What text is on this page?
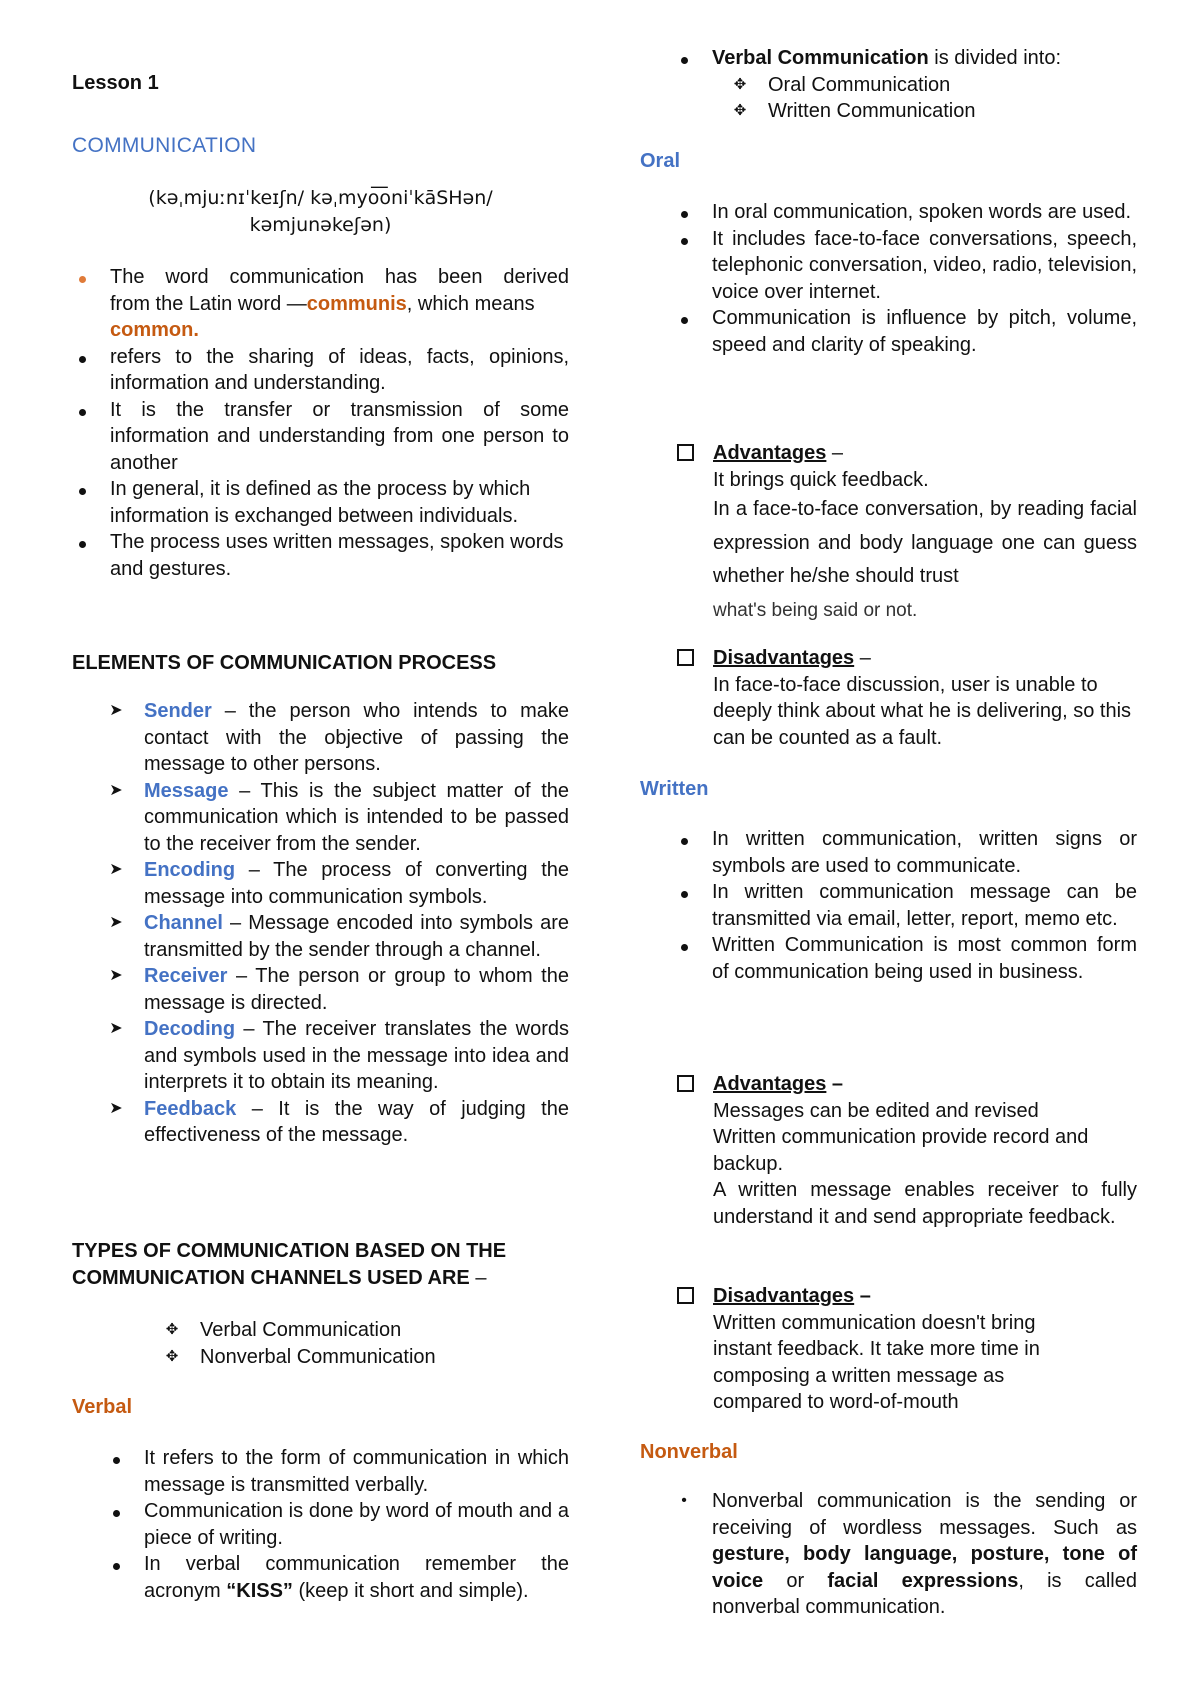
Lesson 1
COMMUNICATION
(kəˌmjuːnɪˈkeɪʃn/ kəˌmyo͞oniˈkāSHən/
kəmjunəkeʃən)
The word communication has been derived
from the Latin word —communis, which means
common.
refers to the sharing of ideas, facts, opinions, information and understanding.
It is the transfer or transmission of some information and understanding from one person to another
In general, it is defined as the process by which information is exchanged between individuals.
The process uses written messages, spoken words and gestures.
ELEMENTS OF COMMUNICATION PROCESS
➤ Sender – the person who intends to make contact with the objective of passing the message to other persons.
➤ Message – This is the subject matter of the communication which is intended to be passed to the receiver from the sender.
➤ Encoding – The process of converting the message into communication symbols.
➤ Channel – Message encoded into symbols are transmitted by the sender through a channel.
➤ Receiver – The person or group to whom the message is directed.
➤ Decoding – The receiver translates the words and symbols used in the message into idea and interprets it to obtain its meaning.
➤ Feedback – It is the way of judging the effectiveness of the message.
TYPES OF COMMUNICATION BASED ON THE
COMMUNICATION CHANNELS USED ARE –
✥ Verbal Communication
✥ Nonverbal Communication
Verbal
It refers to the form of communication in which message is transmitted verbally.
Communication is done by word of mouth and a piece of writing.
In verbal communication remember the acronym “KISS” (keep it short and simple).
Verbal Communication is divided into:
✥ Oral Communication
✥ Written Communication
Oral
In oral communication, spoken words are used.
It includes face-to-face conversations, speech, telephonic conversation, video, radio, television, voice over internet.
Communication is influence by pitch, volume, speed and clarity of speaking.
Advantages –
It brings quick feedback.
In a face-to-face conversation, by reading facial expression and body language one can guess whether he/she should trust
what's being said or not.
Disadvantages –
In face-to-face discussion, user is unable to deeply think about what he is delivering, so this can be counted as a fault.
Written
In written communication, written signs or symbols are used to communicate.
In written communication message can be transmitted via email, letter, report, memo etc.
Written Communication is most common form of communication being used in business.
Advantages –
Messages can be edited and revised
Written communication provide record and backup.
A written message enables receiver to fully understand it and send appropriate feedback.
Disadvantages –
Written communication doesn't bring
instant feedback. It take more time in
composing a written message as
compared to word-of-mouth
Nonverbal
•	Nonverbal communication is the sending or receiving of wordless messages. Such as gesture, body language, posture, tone of voice or facial expressions, is called nonverbal communication.
